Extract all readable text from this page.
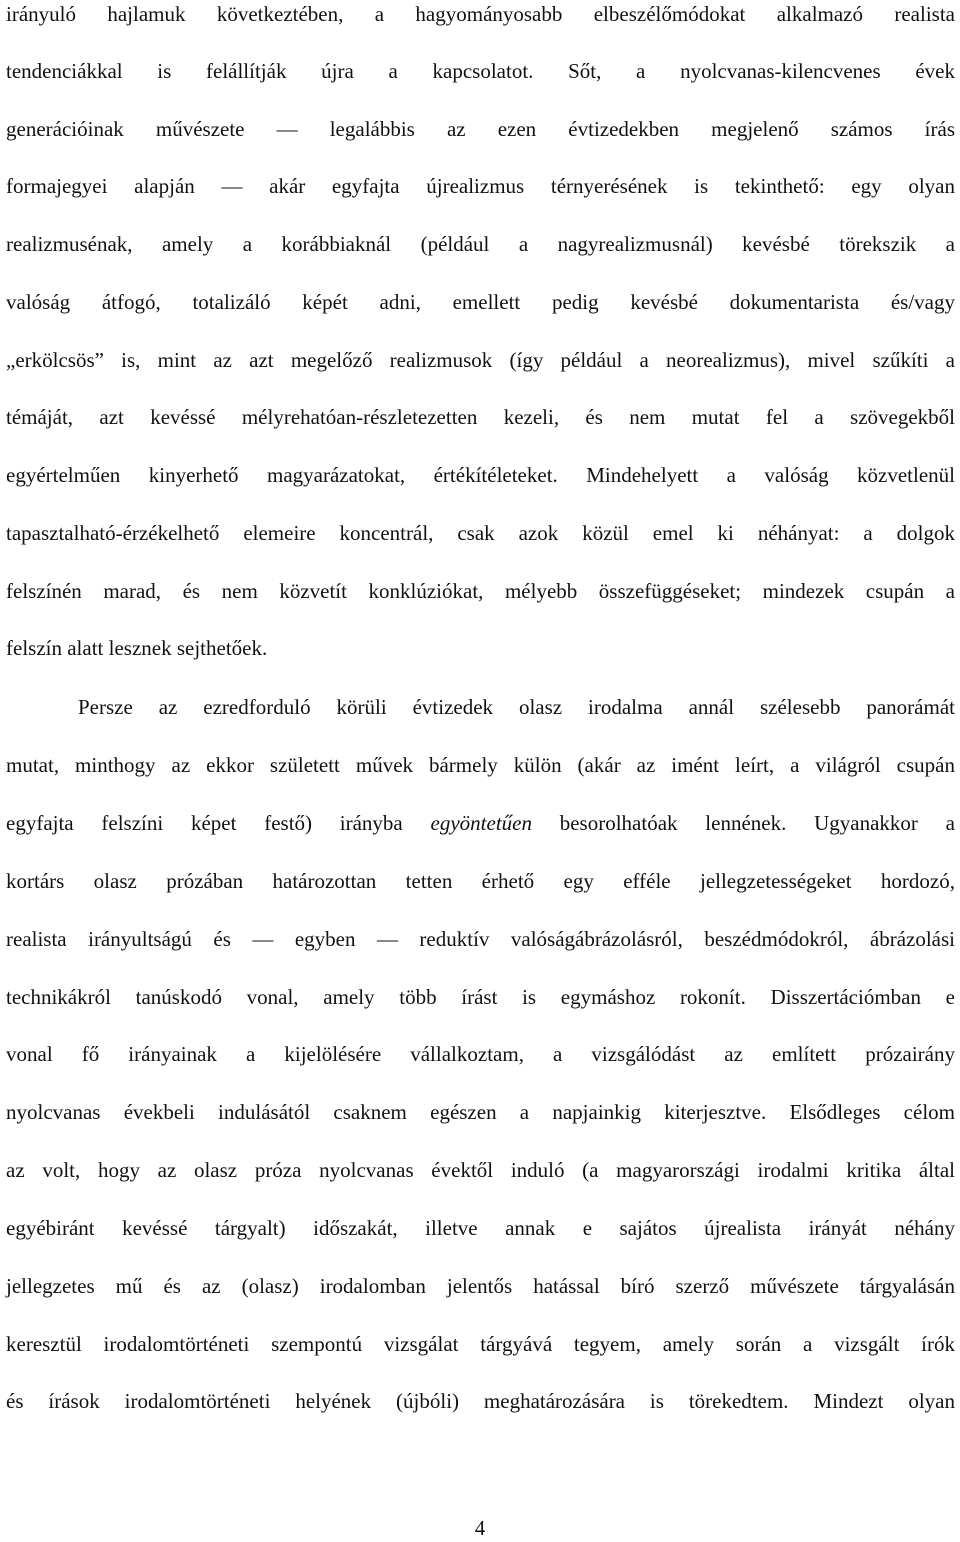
irányuló hajlamuk következtében, a hagyományosabb elbeszélőmódokat alkalmazó realista
tendenciákkal is felállítják újra a kapcsolatot. Sőt, a nyolcvanas-kilencvenes évek
generációinak művészete — legalábbis az ezen évtizedekben megjelenő számos írás
formajegyei alapján — akár egyfajta újrealizmus térnyerésének is tekinthető: egy olyan
realizmusénak, amely a korábbiaknál (például a nagyrealizmusnál) kevésbé törekszik a
valóság átfogó, totalizáló képét adni, emellett pedig kevésbé dokumentarista és/vagy
„erkölcsös” is, mint az azt megelőző realizmusok (így például a neorealizmus), mivel szűkíti a
témáját, azt kevéssé mélyrehatóan-részletezetten kezeli, és nem mutat fel a szövegekből
egyértelműen kinyerhető magyarázatokat, értékítéleteket. Mindehelyett a valóság közvetlenül
tapasztalható-érzékelhető elemeire koncentrál, csak azok közül emel ki néhányat: a dolgok
felszínén marad, és nem közvetít konklúziókat, mélyebb összefüggéseket; mindezek csupán a
felszín alatt lesznek sejthetőek.
Persze az ezredforduló körüli évtizedek olasz irodalma annál szélesebb panorámát
mutat, minthogy az ekkor született művek bármely külön (akár az imént leírt, a világról csupán
egyfajta felszíni képet festő) irányba egyöntetűen besorolhatóak lennének. Ugyanakkor a
kortárs olasz prózában határozottan tetten érhető egy efféle jellegzetességeket hordozó,
realista irányultságú és — egyben — reduktív valóságábrázolásról, beszédmódokról, ábrázolási
technikákról tanúskodó vonal, amely több írást is egymáshoz rokonít. Disszertációmban e
vonal fő irányainak a kijelölésére vállalkoztam, a vizsgálódást az említett prózairány
nyolcvanas évekbeli indulásától csaknem egészen a napjainkig kiterjesztve. Elsődleges célom
az volt, hogy az olasz próza nyolcvanas évektől induló (a magyarországi irodalmi kritika által
egyébiránt kevéssé tárgyalt) időszakát, illetve annak e sajátos újrealista irányát néhány
jellegzetes mű és az (olasz) irodalomban jelentős hatással bíró szerző művészete tárgyalásán
keresztül irodalomtörténeti szempontú vizsgálat tárgyává tegyem, amely során a vizsgált írók
és írások irodalomtörténeti helyének (újbóli) meghatározására is törekedtem. Mindezt olyan
4
